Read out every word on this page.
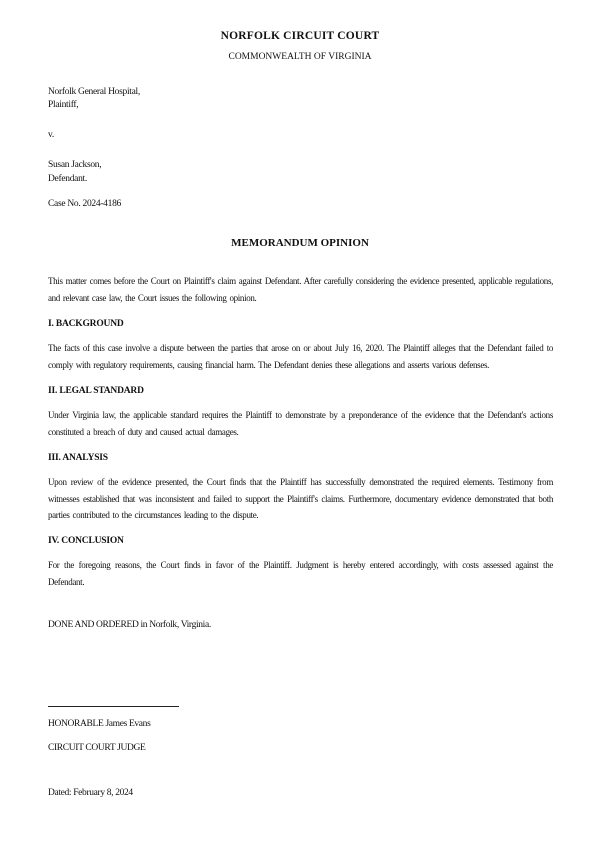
NORFOLK CIRCUIT COURT

COMMONWEALTH OF VIRGINIA

Norfolk General Hospital,

Plaintiff,

v.

Susan Jackson,

Defendant.

Case No. 2024-4186

MEMORANDUM OPINION

This matter comes before the Court on Plaintiff's claim against Defendant. After carefully considering the evidence presented, applicable regulations, and relevant case law, the Court issues the following opinion.

I. BACKGROUND

The facts of this case involve a dispute between the parties that arose on or about July 16, 2020. The Plaintiff alleges that the Defendant failed to comply with regulatory requirements, causing financial harm. The Defendant denies these allegations and asserts various defenses.

II. LEGAL STANDARD

Under Virginia law, the applicable standard requires the Plaintiff to demonstrate by a preponderance of the evidence that the Defendant's actions constituted a breach of duty and caused actual damages.

III. ANALYSIS

Upon review of the evidence presented, the Court finds that the Plaintiff has successfully demonstrated the required elements. Testimony from witnesses established that was inconsistent and failed to support the Plaintiff's claims. Furthermore, documentary evidence demonstrated that both parties contributed to the circumstances leading to the dispute.

IV. CONCLUSION

For the foregoing reasons, the Court finds in favor of the Plaintiff. Judgment is hereby entered accordingly, with costs assessed against the Defendant.

DONE AND ORDERED in Norfolk, Virginia.

HONORABLE James Evans

CIRCUIT COURT JUDGE

Dated: February 8, 2024
